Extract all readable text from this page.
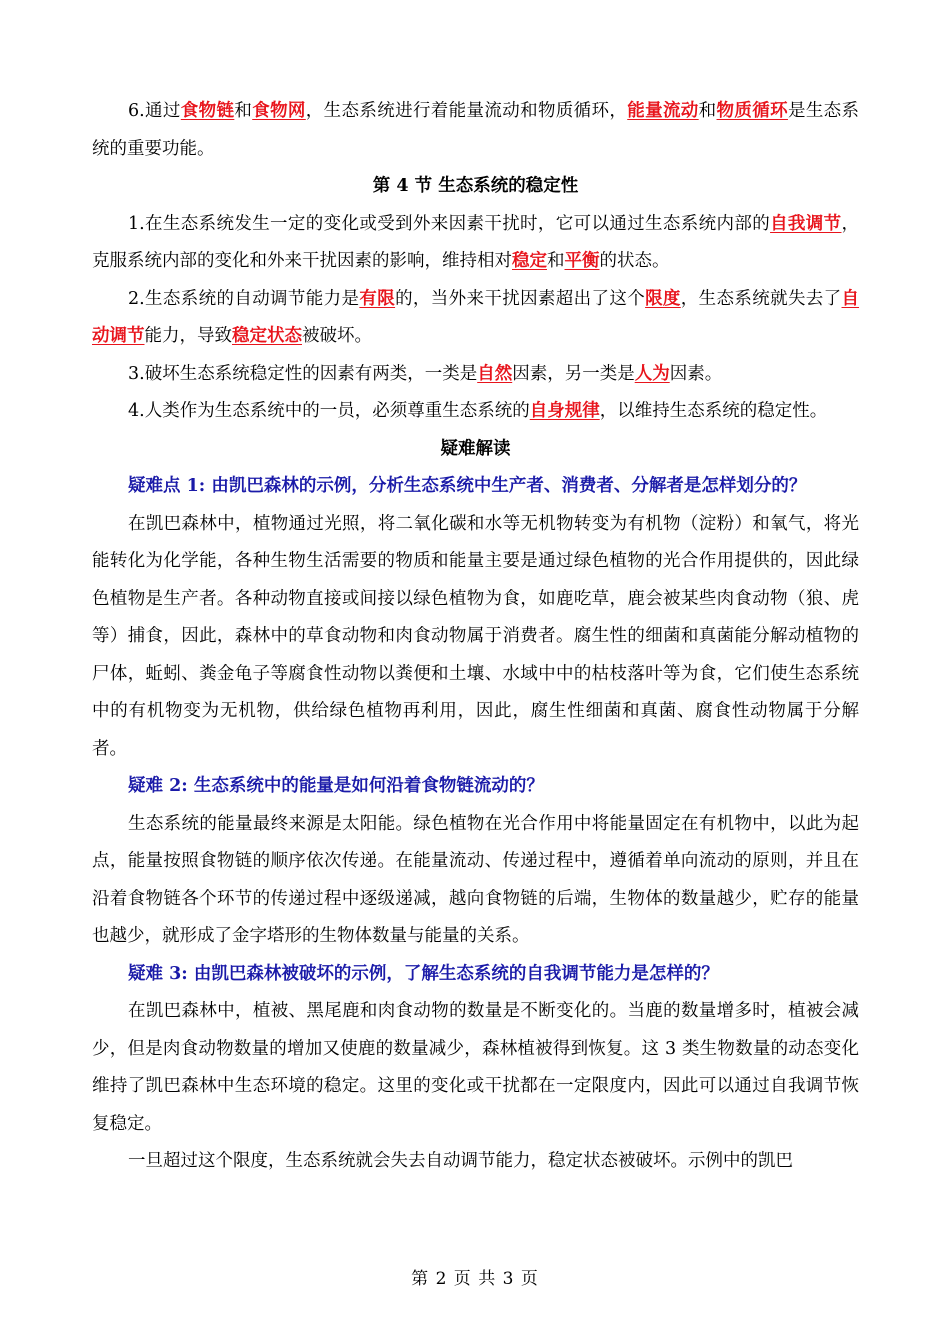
6.通过食物链和食物网，生态系统进行着能量流动和物质循环，能量流动和物质循环是生态系统的重要功能。

第 4 节 生态系统的稳定性

1.在生态系统发生一定的变化或受到外来因素干扰时，它可以通过生态系统内部的自我调节，克服系统内部的变化和外来干扰因素的影响，维持相对稳定和平衡的状态。

2.生态系统的自动调节能力是有限的，当外来干扰因素超出了这个限度，生态系统就失去了自动调节能力，导致稳定状态被破坏。

3.破坏生态系统稳定性的因素有两类，一类是自然因素，另一类是人为因素。

4.人类作为生态系统中的一员，必须尊重生态系统的自身规律，以维持生态系统的稳定性。

疑难解读

疑难点 1: 由凯巴森林的示例，分析生态系统中生产者、消费者、分解者是怎样划分的？

在凯巴森林中，植物通过光照，将二氧化碳和水等无机物转变为有机物（淀粉）和氧气，将光能转化为化学能，各种生物生活需要的物质和能量主要是通过绿色植物的光合作用提供的，因此绿色植物是生产者。各种动物直接或间接以绿色植物为食，如鹿吃草，鹿会被某些肉食动物（狼、虎等）捕食，因此，森林中的草食动物和肉食动物属于消费者。腐生性的细菌和真菌能分解动植物的尸体，蚯蚓、粪金龟子等腐食性动物以粪便和土壤、水域中中的枯枝落叶等为食，它们使生态系统中的有机物变为无机物，供给绿色植物再利用，因此，腐生性细菌和真菌、腐食性动物属于分解者。

疑难 2: 生态系统中的能量是如何沿着食物链流动的？

生态系统的能量最终来源是太阳能。绿色植物在光合作用中将能量固定在有机物中，以此为起点，能量按照食物链的顺序依次传递。在能量流动、传递过程中，遵循着单向流动的原则，并且在沿着食物链各个环节的传递过程中逐级递减，越向食物链的后端，生物体的数量越少，贮存的能量也越少，就形成了金字塔形的生物体数量与能量的关系。

疑难 3: 由凯巴森林被破坏的示例，了解生态系统的自我调节能力是怎样的？

在凯巴森林中，植被、黑尾鹿和肉食动物的数量是不断变化的。当鹿的数量增多时，植被会减少，但是肉食动物数量的增加又使鹿的数量减少，森林植被得到恢复。这 3 类生物数量的动态变化维持了凯巴森林中生态环境的稳定。这里的变化或干扰都在一定限度内，因此可以通过自我调节恢复稳定。

一旦超过这个限度，生态系统就会失去自动调节能力，稳定状态被破坏。示例中的凯巴

第 2 页 共 3 页
